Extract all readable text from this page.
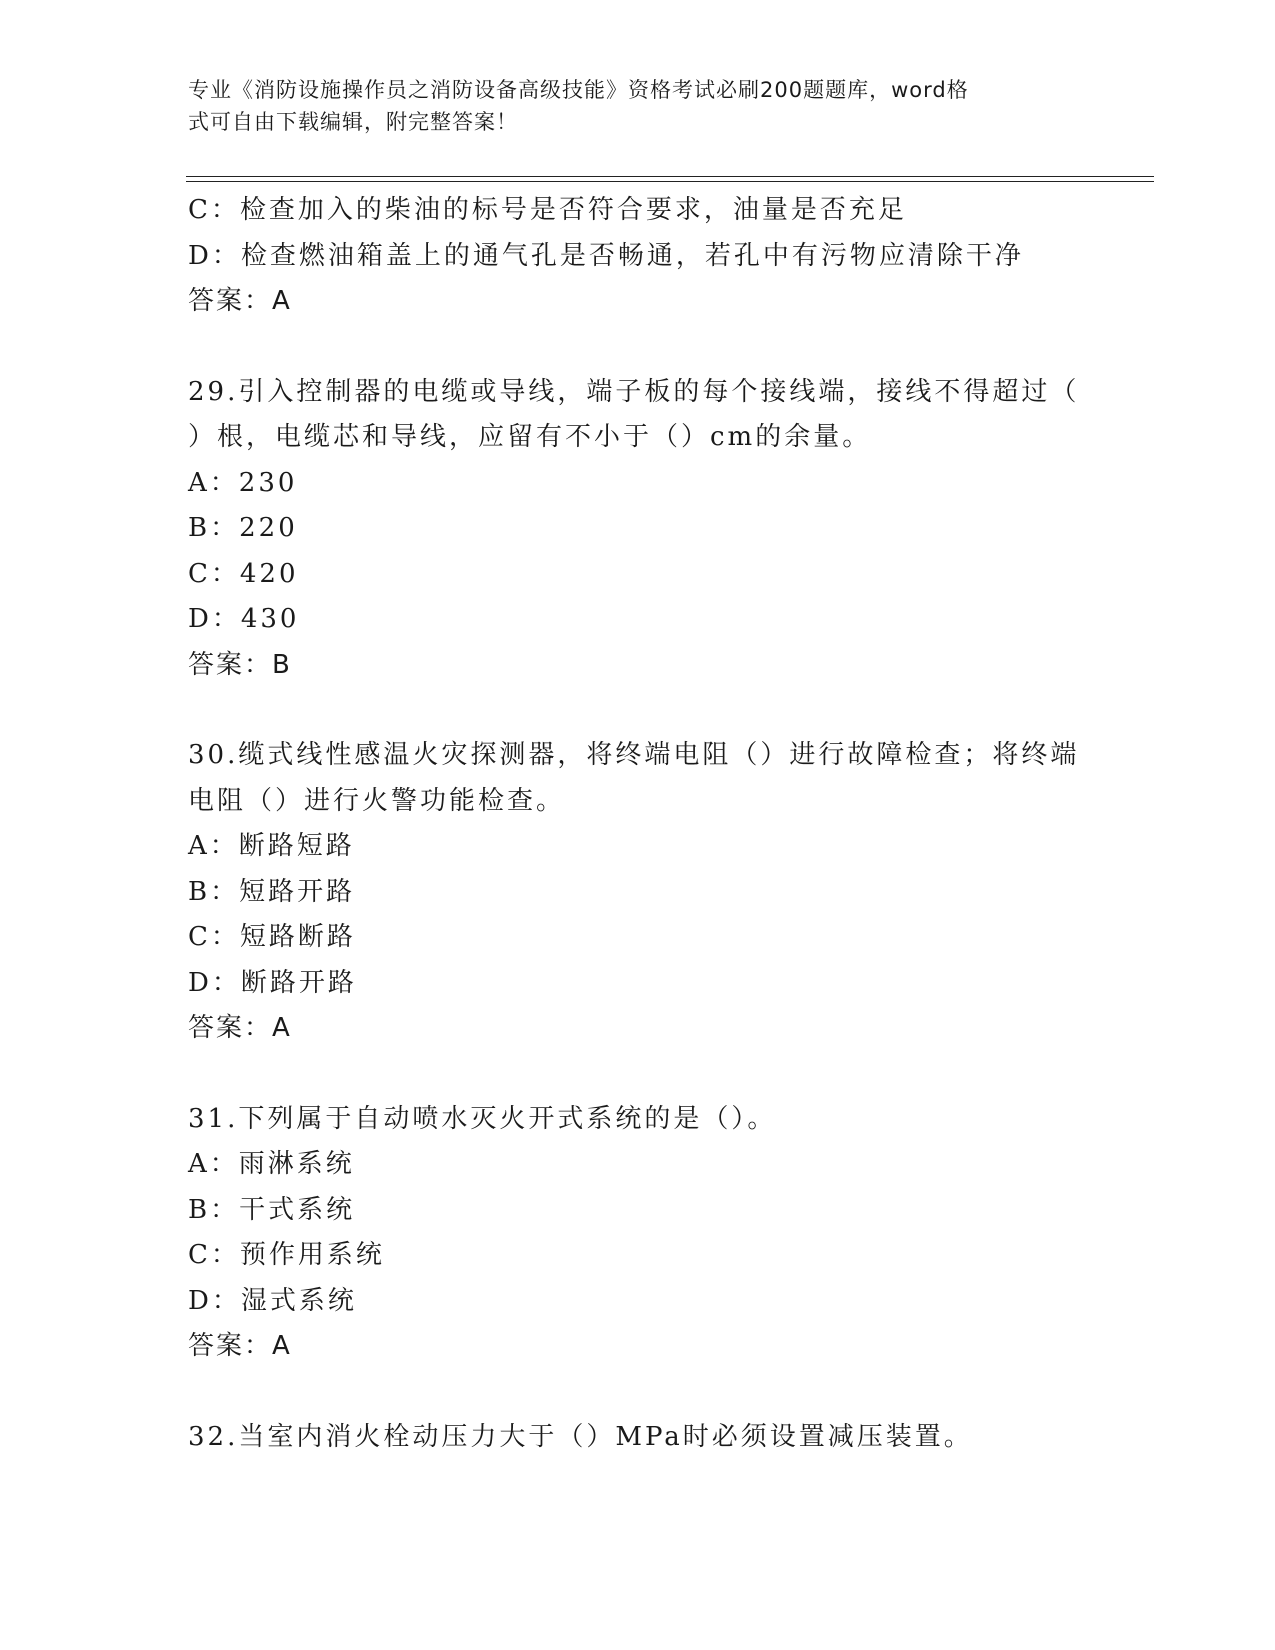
专业《消防设施操作员之消防设备高级技能》资格考试必刷200题题库，word格
式可自由下载编辑，附完整答案！
C：检查加入的柴油的标号是否符合要求，油量是否充足
D：检查燃油箱盖上的通气孔是否畅通，若孔中有污物应清除干净
答案：A
29.引入控制器的电缆或导线，端子板的每个接线端，接线不得超过（
）根，电缆芯和导线，应留有不小于（）cm的余量。
A：230
B：220
C：420
D：430
答案：B
30.缆式线性感温火灾探测器，将终端电阻（）进行故障检查；将终端
电阻（）进行火警功能检查。
A：断路短路
B：短路开路
C：短路断路
D：断路开路
答案：A
31.下列属于自动喷水灭火开式系统的是（）。
A：雨淋系统
B：干式系统
C：预作用系统
D：湿式系统
答案：A
32.当室内消火栓动压力大于（）MPa时必须设置减压装置。
